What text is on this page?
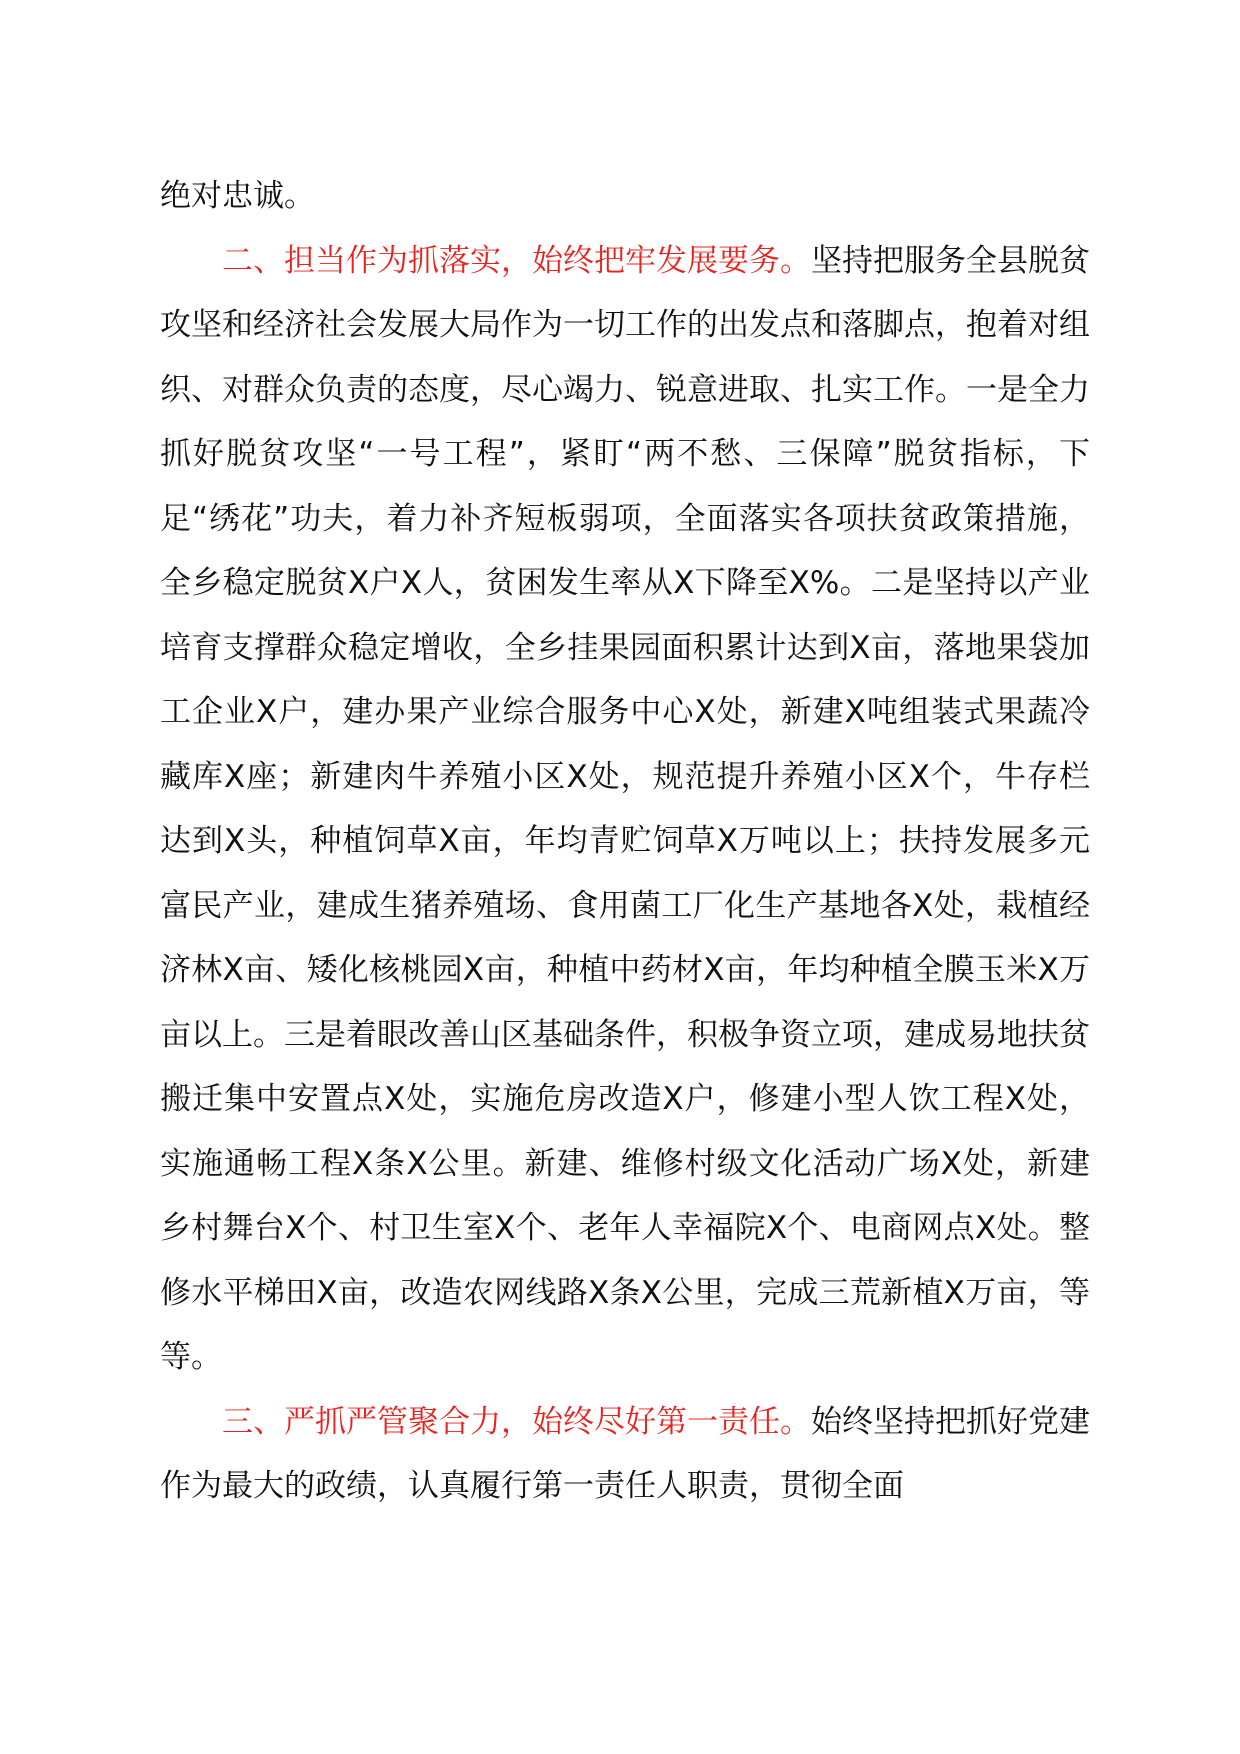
绝对忠诚。

二、担当作为抓落实，始终把牢发展要务。坚持把服务全县脱贫攻坚和经济社会发展大局作为一切工作的出发点和落脚点，抱着对组织、对群众负责的态度，尽心竭力、锐意进取、扎实工作。一是全力抓好脱贫攻坚“一号工程”，紧盯“两不愁、三保障”脱贫指标，下足“绣花”功夫，着力补齐短板弱项，全面落实各项扶贫政策措施，全乡稳定脱贫X户X人，贫困发生率从X下降至X%。二是坚持以产业培育支撑群众稳定增收，全乡挂果园面积累计达到X亩，落地果袋加工企业X户，建办果产业综合服务中心X处，新建X吨组装式果蔬冷藏库X座；新建肉牛养殖小区X处，规范提升养殖小区X个，牛存栏达到X头，种植饲草X亩，年均青贮饲草X万吨以上；扶持发展多元富民产业，建成生猪养殖场、食用菌工厂化生产基地各X处，栽植经济林X亩、矮化核桃园X亩，种植中药材X亩，年均种植全膜玉米X万亩以上。三是着眼改善山区基础条件，积极争资立项，建成易地扶贫搬迁集中安置点X处，实施危房改造X户，修建小型人饮工程X处，实施通畅工程X条X公里。新建、维修村级文化活动广场X处，新建乡村舞台X个、村卫生室X个、老年人幸福院X个、电商网点X处。整修水平梯田X亩，改造农网线路X条X公里，完成三荒新植X万亩，等等。

三、严抓严管聚合力，始终尽好第一责任。始终坚持把抓好党建作为最大的政绩，认真履行第一责任人职责，贯彻全面
